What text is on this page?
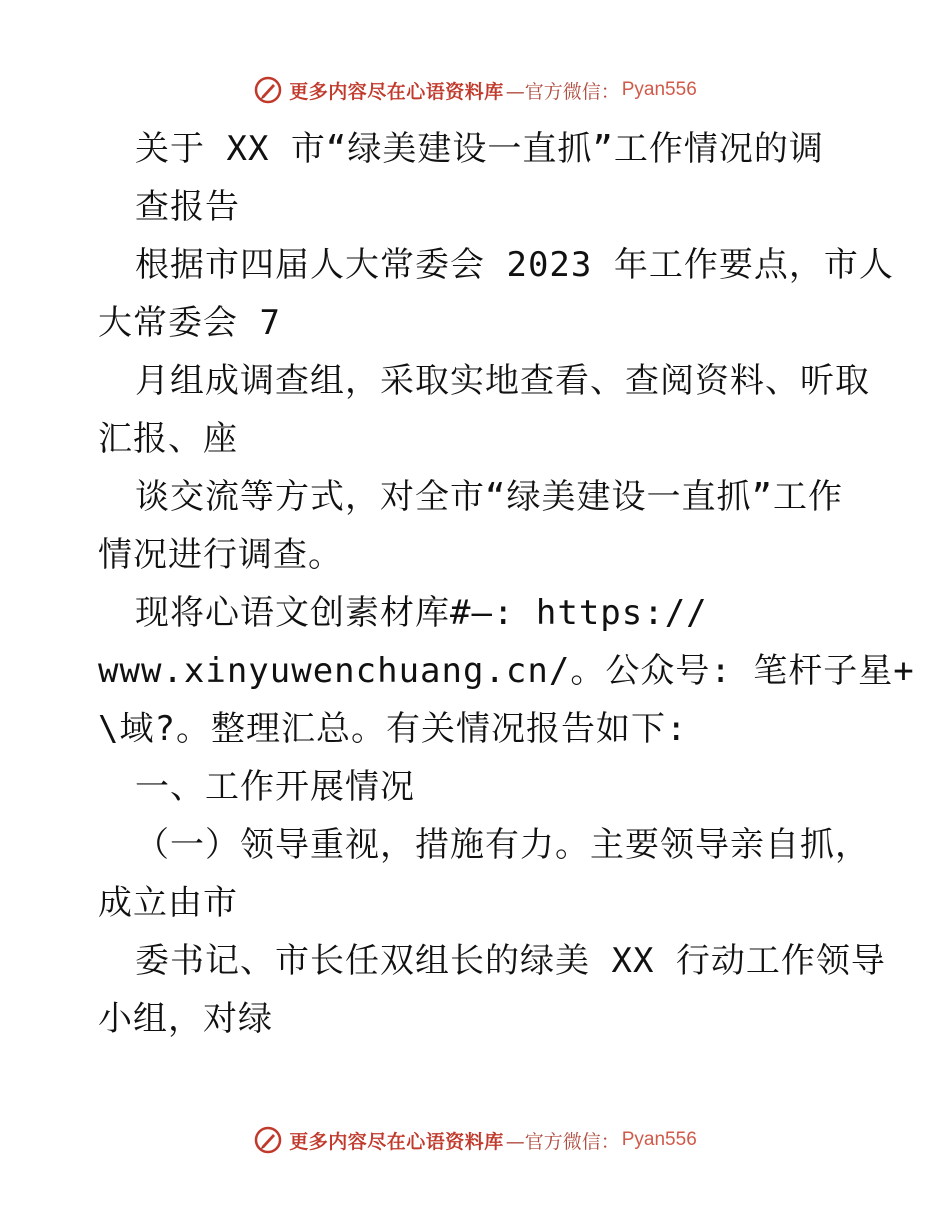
更多内容尽在心语资料库 —官方微信： Pyan556
关于 XX 市“绿美建设一直抓”工作情况的调
查报告
根据市四届人大常委会 2023 年工作要点，市人
大常委会 7
月组成调查组，采取实地查看、查阅资料、听取
汇报、座
谈交流等方式，对全市“绿美建设一直抓”工作
情况进行调查。
现将心语文创素材库#—: https://
www.xinyuwenchuang.cn/。公众号: 笔杆子星+
\域?。整理汇总。有关情况报告如下:
一、工作开展情况
（一）领导重视，措施有力。主要领导亲自抓，
成立由市
委书记、市长任双组长的绿美 XX 行动工作领导
小组，对绿
更多内容尽在心语资料库 —官方微信： Pyan556
